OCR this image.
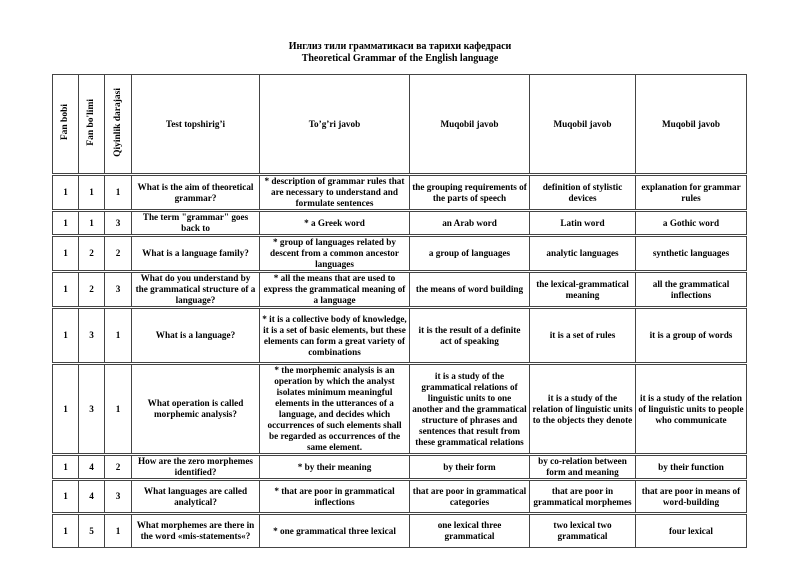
Инглиз тили грамматикаси ва тарихи кафедраси
Theoretical Grammar of the English language
Fan bobi	Fan bo'limi	Qiyinlik darajasi	Test topshirig’i	To’g’ri javob	Muqobil javob	Muqobil javob	Muqobil javob
1	1	1	What is the aim of theoretical grammar?	* description of grammar rules that are necessary to understand and formulate sentences	the grouping requirements of the parts of speech	definition of stylistic devices	explanation for grammar rules
1	1	3	The term "grammar" goes back to	* a Greek word	an Arab word	Latin word	a Gothic word
1	2	2	What is a language family?	* group of languages related by descent from a common ancestor languages	a group of languages	analytic languages	synthetic languages
1	2	3	What do you understand by the grammatical structure of a language?	* all the means that are used to express the grammatical meaning of a language	the means of word building	the lexical-grammatical meaning	all the grammatical inflections
1	3	1	What is a language?	* it is a collective body of knowledge, it is a set of basic elements, but these elements can form a great variety of combinations	it is the result of a definite act of speaking	it is a set of rules	it is a group of words
1	3	1	What operation is called morphemic analysis?	* the morphemic analysis is an operation by which the analyst isolates minimum meaningful elements in the utterances of a language, and decides which occurrences of such elements shall be regarded as occurrences of the same element.	it is a study of the grammatical relations of linguistic units to one another and the grammatical structure of phrases and sentences that result from these grammatical relations	it is a study of the relation of linguistic units to the objects they denote	it is a study of the relation of linguistic units to people who communicate
1	4	2	How are the zero morphemes identified?	* by their meaning	by their form	by co-relation between form and meaning	by their function
1	4	3	What languages are called analytical?	* that are poor in grammatical inflections	that are poor in grammatical categories	that are poor in grammatical morphemes	that are poor in means of word-building
1	5	1	What morphemes are there in the word «mis-statements«?	* one grammatical three lexical	one lexical three grammatical	two lexical two grammatical	four lexical
